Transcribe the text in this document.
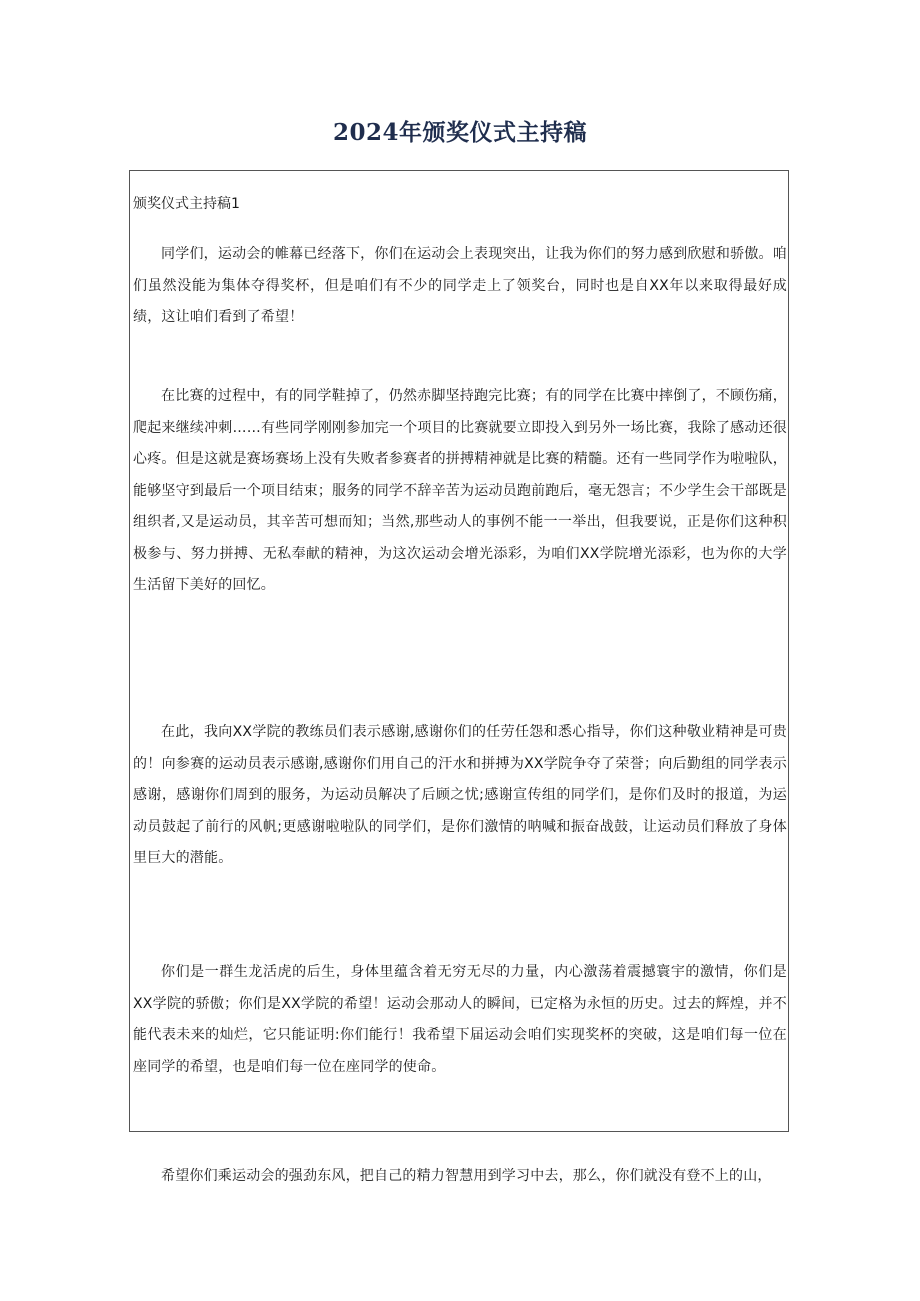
2024年颁奖仪式主持稿
颁奖仪式主持稿1

同学们，运动会的帷幕已经落下，你们在运动会上表现突出，让我为你们的努力感到欣慰和骄傲。咱们虽然没能为集体夺得奖杯，但是咱们有不少的同学走上了领奖台，同时也是自XX年以来取得最好成绩，这让咱们看到了希望！

在比赛的过程中，有的同学鞋掉了，仍然赤脚坚持跑完比赛；有的同学在比赛中摔倒了，不顾伤痛，爬起来继续冲刺……有些同学刚刚参加完一个项目的比赛就要立即投入到另外一场比赛，我除了感动还很心疼。但是这就是赛场赛场上没有失败者参赛者的拼搏精神就是比赛的精髓。还有一些同学作为啦啦队，能够坚守到最后一个项目结束；服务的同学不辞辛苦为运动员跑前跑后，毫无怨言；不少学生会干部既是组织者,又是运动员，其辛苦可想而知；当然,那些动人的事例不能一一举出，但我要说，正是你们这种积极参与、努力拼搏、无私奉献的精神，为这次运动会增光添彩，为咱们XX学院增光添彩，也为你的大学生活留下美好的回忆。

在此，我向XX学院的教练员们表示感谢,感谢你们的任劳任怨和悉心指导，你们这种敬业精神是可贵的！向参赛的运动员表示感谢,感谢你们用自己的汗水和拼搏为XX学院争夺了荣誉；向后勤组的同学表示感谢，感谢你们周到的服务，为运动员解决了后顾之忧;感谢宣传组的同学们，是你们及时的报道，为运动员鼓起了前行的风帆;更感谢啦啦队的同学们，是你们激情的呐喊和振奋战鼓，让运动员们释放了身体里巨大的潜能。

你们是一群生龙活虎的后生，身体里蕴含着无穷无尽的力量，内心激荡着震撼寰宇的激情，你们是XX学院的骄傲；你们是XX学院的希望！运动会那动人的瞬间，已定格为永恒的历史。过去的辉煌，并不能代表未来的灿烂，它只能证明:你们能行！我希望下届运动会咱们实现奖杯的突破，这是咱们每一位在座同学的希望，也是咱们每一位在座同学的使命。

希望你们乘运动会的强劲东风，把自己的精力智慧用到学习中去，那么，你们就没有登不上的山，
